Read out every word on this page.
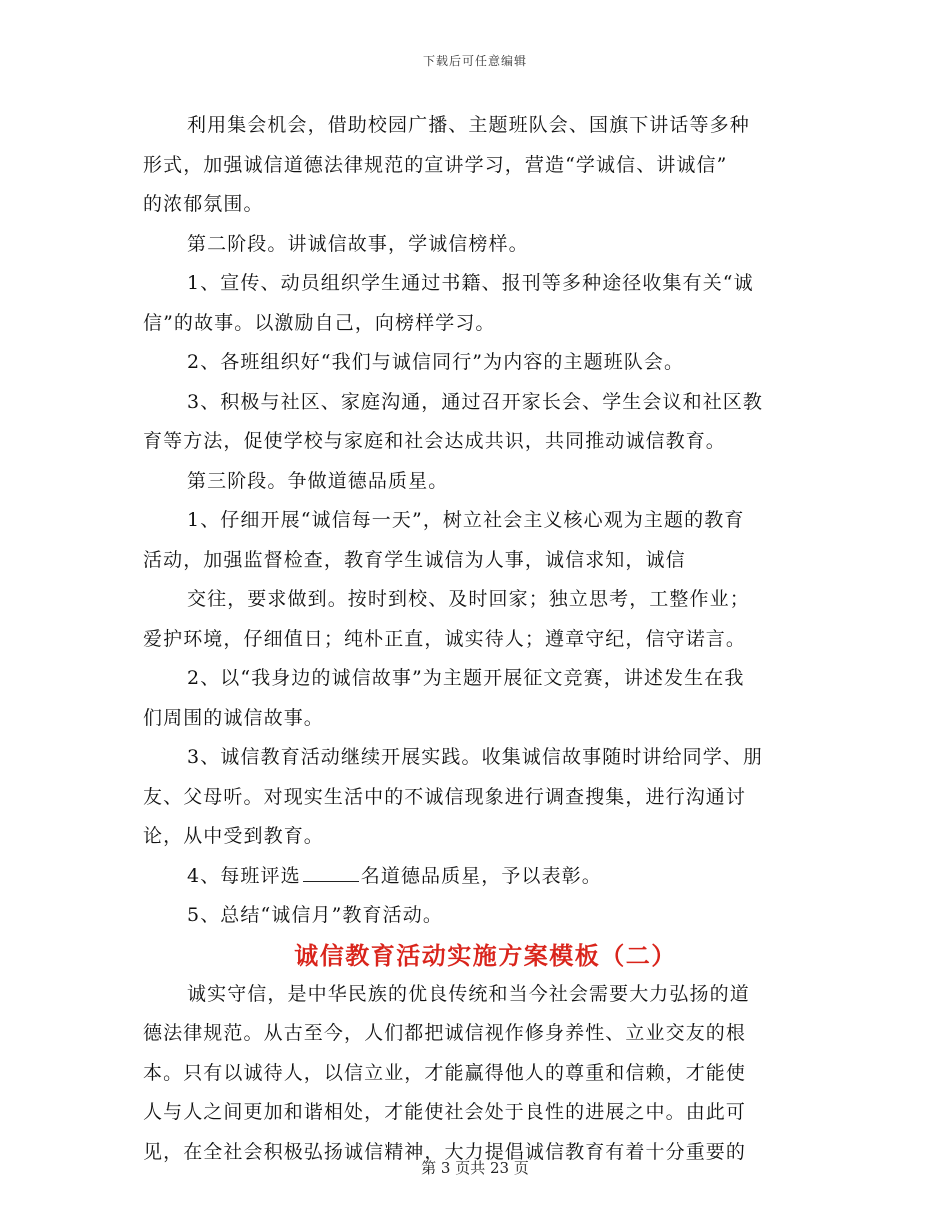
下载后可任意编辑
利用集会机会，借助校园广播、主题班队会、国旗下讲话等多种
形式，加强诚信道德法律规范的宣讲学习，营造“学诚信、讲诚信”
的浓郁氛围。
第二阶段。讲诚信故事，学诚信榜样。
1、宣传、动员组织学生通过书籍、报刊等多种途径收集有关“诚
信”的故事。以激励自己，向榜样学习。
2、各班组织好“我们与诚信同行”为内容的主题班队会。
3、积极与社区、家庭沟通，通过召开家长会、学生会议和社区教
育等方法，促使学校与家庭和社会达成共识，共同推动诚信教育。
第三阶段。争做道德品质星。
1、仔细开展“诚信每一天”，树立社会主义核心观为主题的教育
活动，加强监督检查，教育学生诚信为人事，诚信求知，诚信
交往，要求做到。按时到校、及时回家；独立思考，工整作业；
爱护环境，仔细值日；纯朴正直，诚实待人；遵章守纪，信守诺言。
2、以“我身边的诚信故事”为主题开展征文竞赛，讲述发生在我
们周围的诚信故事。
3、诚信教育活动继续开展实践。收集诚信故事随时讲给同学、朋
友、父母听。对现实生活中的不诚信现象进行调查搜集，进行沟通讨
论，从中受到教育。
4、每班评选	名道德品质星，予以表彰。
5、总结“诚信月”教育活动。
诚信教育活动实施方案模板（二）
诚实守信，是中华民族的优良传统和当今社会需要大力弘扬的道
德法律规范。从古至今，人们都把诚信视作修身养性、立业交友的根
本。只有以诚待人，以信立业，才能赢得他人的尊重和信赖，才能使
人与人之间更加和谐相处，才能使社会处于良性的进展之中。由此可
见，在全社会积极弘扬诚信精神，大力提倡诚信教育有着十分重要的
第 3 页共 23 页
